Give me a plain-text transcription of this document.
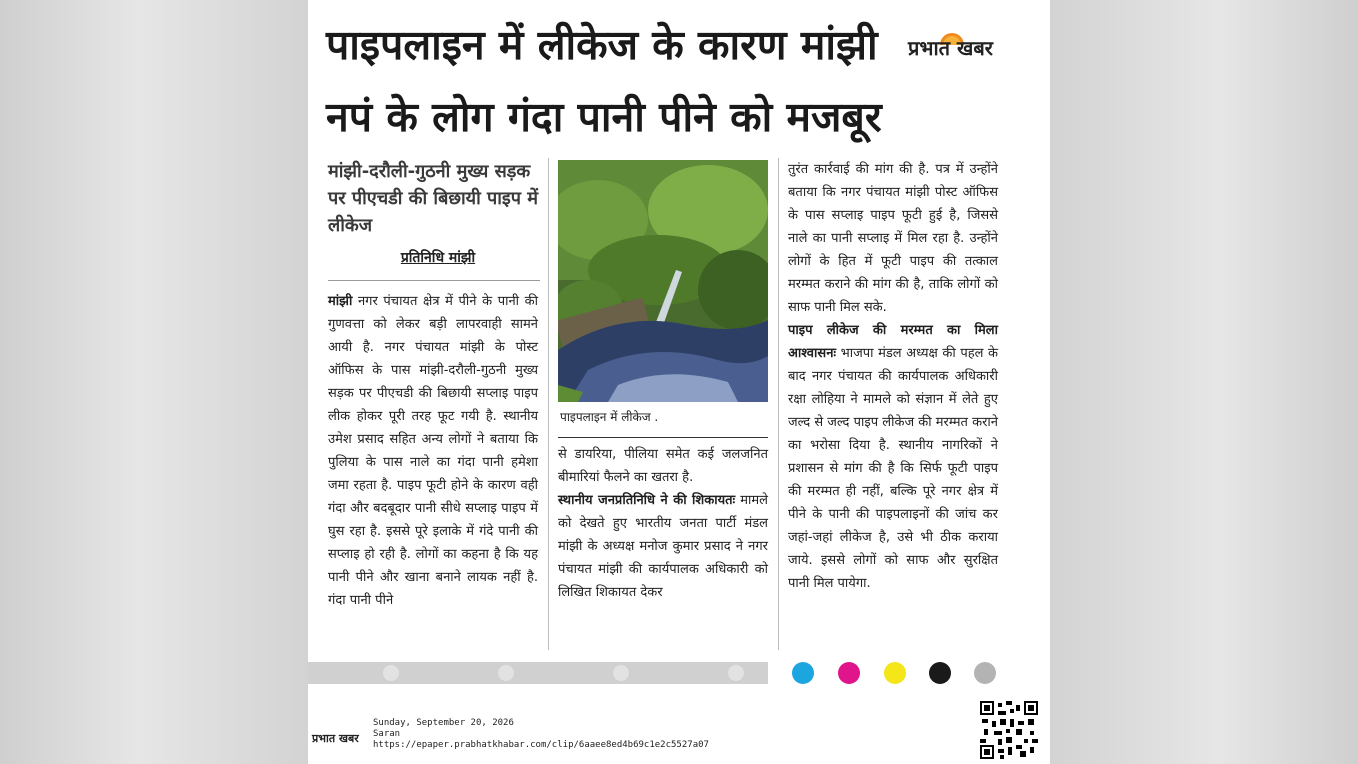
पाइपलाइन में लीकेज के कारण मांझी
नपं के लोग गंदा पानी पीने को मजबूर
प्रभात खबर
मांझी-दरौली-गुठनी मुख्य सड़क पर पीएचडी की बिछायी पाइप में लीकेज
प्रतिनिधि मांझी

मांझी नगर पंचायत क्षेत्र में पीने के पानी की गुणवत्ता को लेकर बड़ी लापरवाही सामने आयी है. नगर पंचायत मांझी के पोस्ट ऑफिस के पास मांझी-दरौली-गुठनी मुख्य सड़क पर पीएचडी की बिछायी सप्लाइ पाइप लीक होकर पूरी तरह फूट गयी है. स्थानीय उमेश प्रसाद सहित अन्य लोगों ने बताया कि पुलिया के पास नाले का गंदा पानी हमेशा जमा रहता है. पाइप फूटी होने के कारण वही गंदा और बदबूदार पानी सीधे सप्लाइ पाइप में घुस रहा है. इससे पूरे इलाके में गंदे पानी की सप्लाइ हो रही है. लोगों का कहना है कि यह पानी पीने और खाना बनाने लायक नहीं है. गंदा पानी पीने

पाइपलाइन में लीकेज .

से डायरिया, पीलिया समेत कई जलजनित बीमारियां फैलने का खतरा है.

स्थानीय जनप्रतिनिधि ने की शिकायतः मामले को देखते हुए भारतीय जनता पार्टी मंडल मांझी के अध्यक्ष मनोज कुमार प्रसाद ने नगर पंचायत मांझी की कार्यपालक अधिकारी को लिखित शिकायत देकर

तुरंत कार्रवाई की मांग की है. पत्र में उन्होंने बताया कि नगर पंचायत मांझी पोस्ट ऑफिस के पास सप्लाइ पाइप फूटी हुई है, जिससे नाले का पानी सप्लाइ में मिल रहा है. उन्होंने लोगों के हित में फूटी पाइप की तत्काल मरम्मत कराने की मांग की है, ताकि लोगों को साफ पानी मिल सके.

पाइप लीकेज की मरम्मत का मिला आश्वासनः भाजपा मंडल अध्यक्ष की पहल के बाद नगर पंचायत की कार्यपालक अधिकारी रक्षा लोहिया ने मामले को संज्ञान में लेते हुए जल्द से जल्द पाइप लीकेज की मरम्मत कराने का भरोसा दिया है. स्थानीय नागरिकों ने प्रशासन से मांग की है कि सिर्फ फूटी पाइप की मरम्मत ही नहीं, बल्कि पूरे नगर क्षेत्र में पीने के पानी की पाइपलाइनों की जांच कर जहां-जहां लीकेज है, उसे भी ठीक कराया जाये. इससे लोगों को साफ और सुरक्षित पानी मिल पायेगा.

प्रभात खबर
Sunday, September 20, 2026
Saran
https://epaper.prabhatkhabar.com/clip/6aaee8ed4b69c1e2c5527a07
